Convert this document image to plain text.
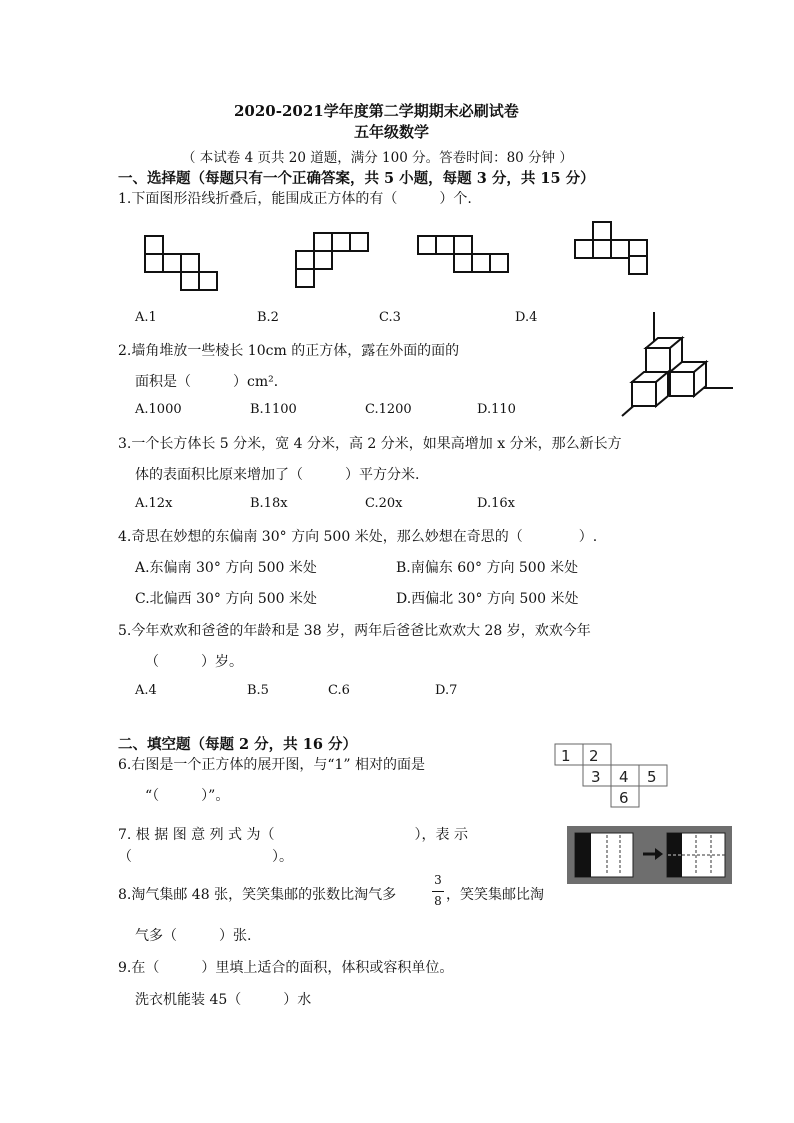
2020-2021学年度第二学期期末必刷试卷
五年级数学
（ 本试卷 4 页共 20 道题，满分 100 分。答卷时间：80 分钟 ）
一、选择题（每题只有一个正确答案，共 5 小题，每题 3 分，共 15 分）
1.下面图形沿线折叠后，能围成正方体的有（　　　）个.
A.1	B.2	C.3	D.4
2.墙角堆放一些棱长 10cm 的正方体，露在外面的面的
面积是（　　　）cm²．
A.1000	B.1100	C.1200	D.110
3.一个长方体长 5 分米，宽 4 分米，高 2 分米，如果高增加 x 分米，那么新长方
体的表面积比原来增加了（　　　）平方分米.
A.12x	B.18x	C.20x	D.16x
4.奇思在妙想的东偏南 30° 方向 500 米处，那么妙想在奇思的（　　　　）.
A.东偏南 30° 方向 500 米处	B.南偏东 60° 方向 500 米处
C.北偏西 30° 方向 500 米处	D.西偏北 30° 方向 500 米处
5.今年欢欢和爸爸的年龄和是 38 岁，两年后爸爸比欢欢大 28 岁，欢欢今年
（　　　）岁。
A.4	B.5	C.6	D.7
二、填空题（每题 2 分，共 16 分）
6.右图是一个正方体的展开图，与“1” 相对的面是
“（　　　）”。
1 2
3 4 5
6
7. 根 据 图 意 列 式 为（　　　　　　　　　　），表 示
（　　　　　　　　　　）。
8.淘气集邮 48 张，笑笑集邮的张数比淘气多
3
8 ，笑笑集邮比淘
气多（　　　）张.
9.在（　　　）里填上适合的面积，体积或容积单位。
洗衣机能装 45（　　　）水
